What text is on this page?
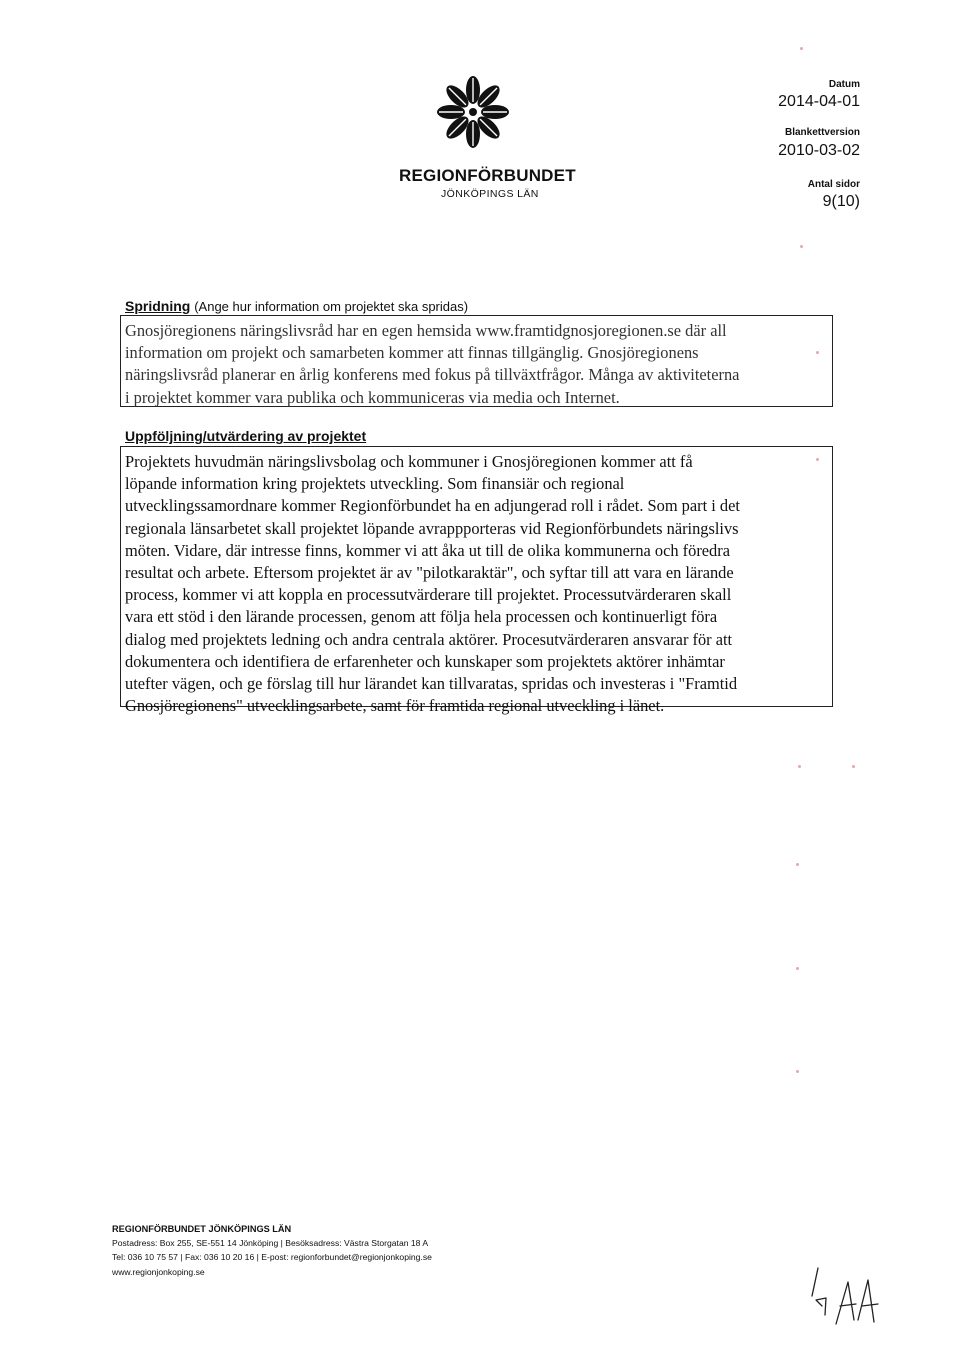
REGIONFÖRBUNDET
JÖNKÖPINGS LÄN
Datum
2014-04-01
Blankettversion
2010-03-02
Antal sidor
9(10)
Spridning (Ange hur information om projektet ska spridas)

Gnosjöregionens näringslivsråd har en egen hemsida www.framtidgnosjoregionen.se där all

information om projekt och samarbeten kommer att finnas tillgänglig. Gnosjöregionens

näringslivsråd planerar en årlig konferens med fokus på tillväxtfrågor. Många av aktiviteterna

i projektet kommer vara publika och kommuniceras via media och Internet.

Uppföljning/utvärdering av projektet

Projektets huvudmän näringslivsbolag och kommuner i Gnosjöregionen kommer att få

löpande information kring projektets utveckling. Som finansiär och regional

utvecklingssamordnare kommer Regionförbundet ha en adjungerad roll i rådet. Som part i det

regionala länsarbetet skall projektet löpande avrappporteras vid Regionförbundets näringslivs

möten. Vidare, där intresse finns, kommer vi att åka ut till de olika kommunerna och föredra

resultat och arbete. Eftersom projektet är av "pilotkaraktär", och syftar till att vara en lärande

process, kommer vi att koppla en processutvärderare till projektet. Processutvärderaren skall

vara ett stöd i den lärande processen, genom att följa hela processen och kontinuerligt föra

dialog med projektets ledning och andra centrala aktörer. Procesutvärderaren ansvarar för att

dokumentera och identifiera de erfarenheter och kunskaper som projektets aktörer inhämtar

utefter vägen, och ge förslag till hur lärandet kan tillvaratas, spridas och investeras i "Framtid

Gnosjöregionens" utvecklingsarbete, samt för framtida regional utveckling i länet.

REGIONFÖRBUNDET JÖNKÖPINGS LÄN
Postadress: Box 255, SE-551 14 Jönköping | Besöksadress: Västra Storgatan 18 A
Tel: 036 10 75 57 | Fax: 036 10 20 16 | E-post: regionforbundet@regionjonkoping.se
www.regionjonkoping.se
